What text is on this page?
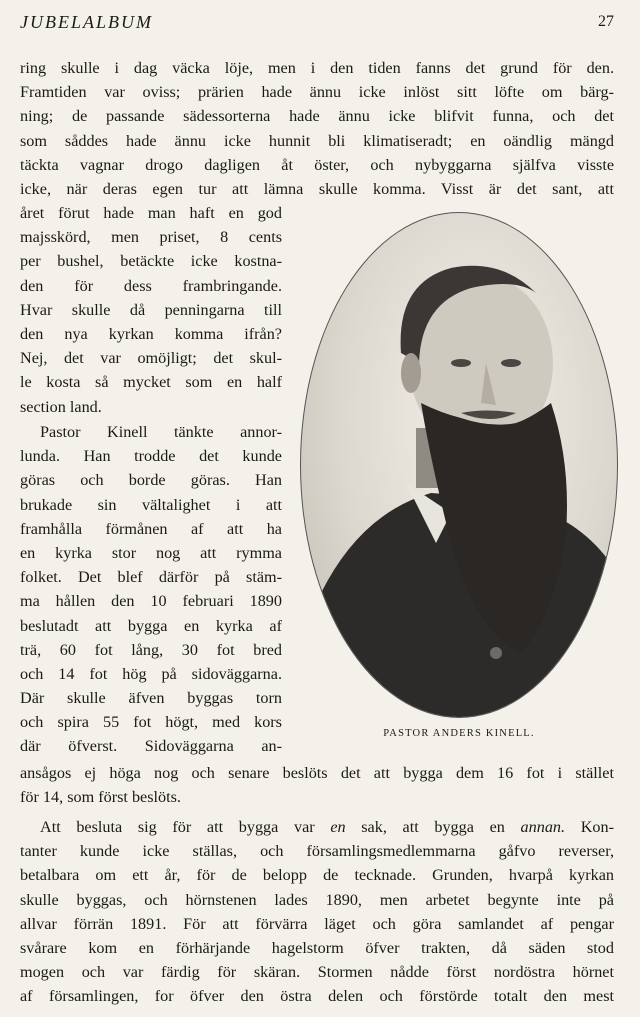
JUBELALBUM	27
ring skulle i dag väcka löje, men i den tiden fanns det grund för den.
Framtiden var oviss; prärien hade ännu icke inlöst sitt löfte om bärg-
ning; de passande sädessorterna hade ännu icke blifvit funna, och det
som såddes hade ännu icke hunnit bli klimatiseradt; en oändlig mängd
täckta vagnar drogo dagligen åt öster, och nybyggarna själfva visste
icke, när deras egen tur att lämna skulle komma. Visst är det sant, att
året förut hade man haft en god
majsskörd, men priset, 8 cents
per bushel, betäckte icke kostna-
den för dess frambringande.
Hvar skulle då penningarna till
den nya kyrkan komma ifrån?
Nej, det var omöjligt; det skul-
le kosta så mycket som en half
section land.
Pastor Kinell tänkte annor-
lunda. Han trodde det kunde
göras och borde göras. Han
brukade sin vältalighet i att
framhålla förmånen af att ha
en kyrka stor nog att rymma
folket. Det blef därför på stäm-
ma hållen den 10 februari 1890
beslutadt att bygga en kyrka af
trä, 60 fot lång, 30 fot bred
och 14 fot hög på sidoväggarna.
Där skulle äfven byggas torn
och spira 55 fot högt, med kors
där öfverst. Sidoväggarna an-
ansågos ej höga nog och senare beslöts det att bygga dem 16 fot i stället
för 14, som först beslöts.
Att besluta sig för att bygga var en sak, att bygga en annan. Kon-
tanter kunde icke ställas, och församlingsmedlemmarna gåfvo reverser,
betalbara om ett år, för de belopp de tecknade. Grunden, hvarpå kyrkan
skulle byggas, och hörnstenen lades 1890, men arbetet begynte inte på
allvar förrän 1891. För att förvärra läget och göra samlandet af pengar
svårare kom en förhärjande hagelstorm öfver trakten, då säden stod
mogen och var färdig för skäran. Stormen nådde först nordöstra hörnet
af församlingen, for öfver den östra delen och förstörde totalt den mest
PASTOR ANDERS KINELL.
